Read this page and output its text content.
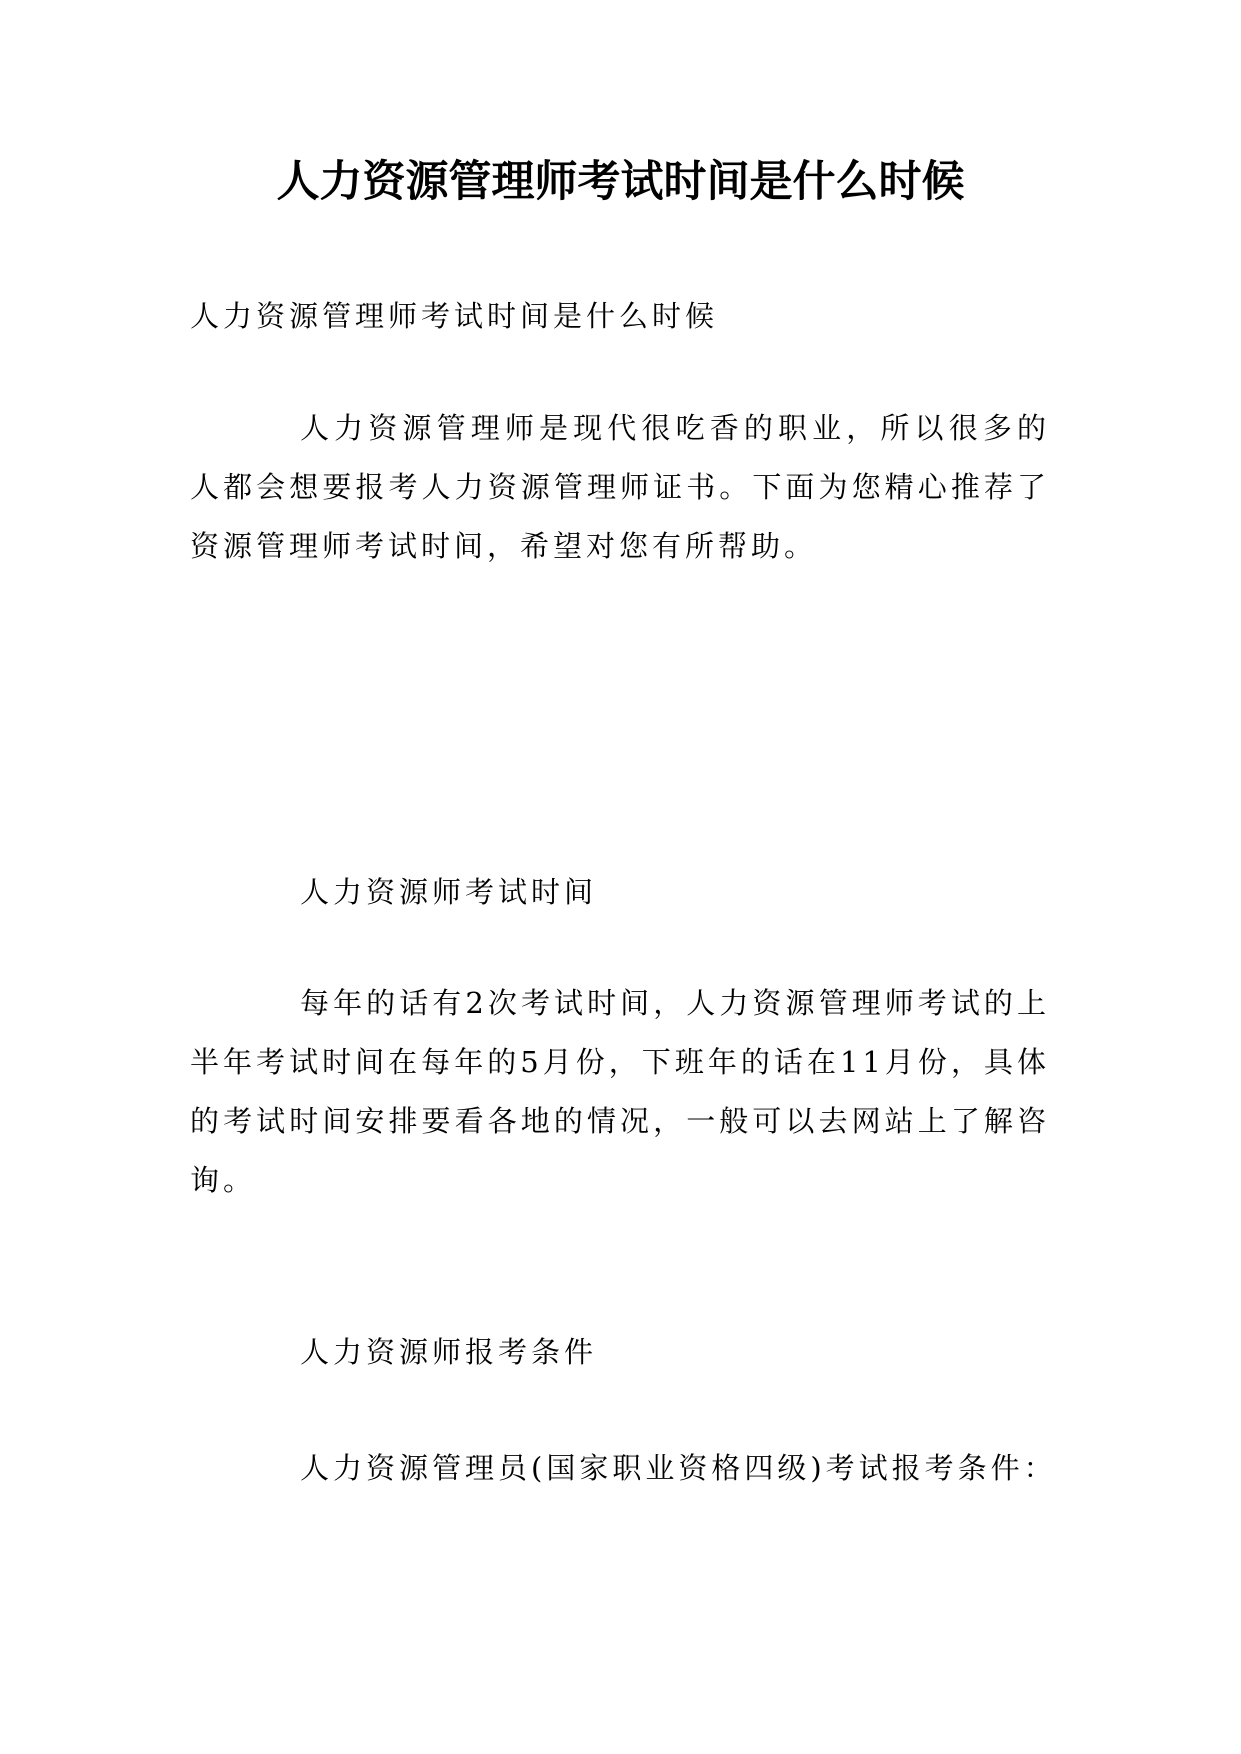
人力资源管理师考试时间是什么时候
人力资源管理师考试时间是什么时候
人力资源管理师是现代很吃香的职业，所以很多的人都会想要报考人力资源管理师证书。下面为您精心推荐了资源管理师考试时间，希望对您有所帮助。
人力资源师考试时间
每年的话有2次考试时间，人力资源管理师考试的上半年考试时间在每年的5月份，下班年的话在11月份，具体的考试时间安排要看各地的情况，一般可以去网站上了解咨询。
人力资源师报考条件
人力资源管理员(国家职业资格四级)考试报考条件：
